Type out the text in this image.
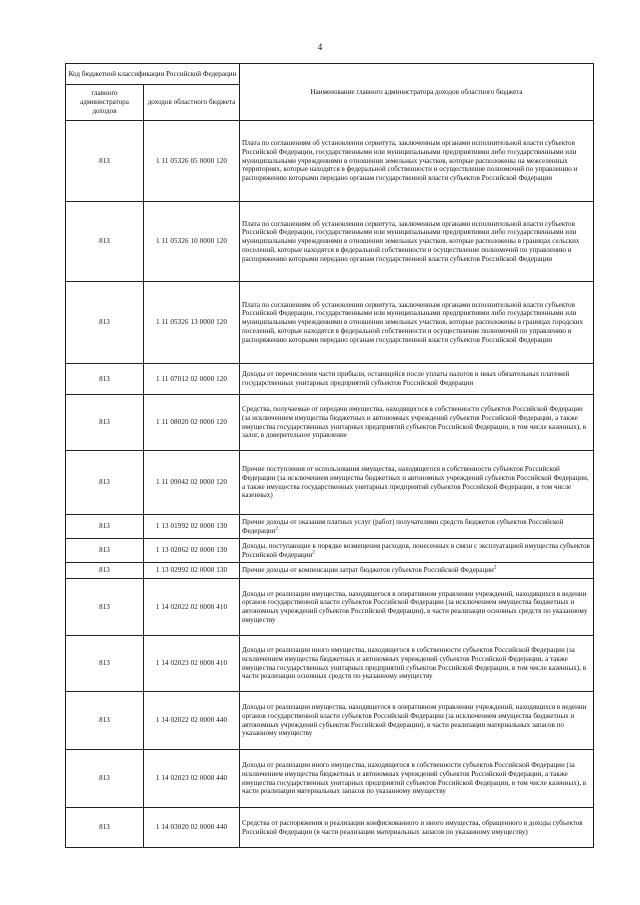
4
Код бюджетной классификации Российской Федерации		Наименование главного администратора доходов областного бюджета
главного администратора доходов	доходов областного бюджета	
813	1 11 05326 05 0000 120	Плата по соглашениям об установлении сервитута, заключенным органами исполнительной власти субъектов Российской Федерации, государственными или муниципальными предприятиями либо государственными или муниципальными учреждениями в отношении земельных участков, которые расположены на межселенных территориях, которые находятся в федеральной собственности и осуществление полномочий по управлению и распоряжению которыми передано органам государственной власти субъектов Российской Федерации
813	1 11 05326 10 0000 120	Плата по соглашениям об установлении сервитута, заключенным органами исполнительной власти субъектов Российской Федерации, государственными или муниципальными предприятиями либо государственными или муниципальными учреждениями в отношении земельных участков, которые расположены в границах сельских поселений, которые находятся в федеральной собственности и осуществление полномочий по управлению и распоряжению которыми передано органам государственной власти субъектов Российской Федерации
813	1 11 05326 13 0000 120	Плата по соглашениям об установлении сервитута, заключенным органами исполнительной власти субъектов Российской Федерации, государственными или муниципальными предприятиями либо государственными или муниципальными учреждениями в отношении земельных участков, которые расположены в границах городских поселений, которые находятся в федеральной собственности и осуществление полномочий по управлению и распоряжению которыми передано органам государственной власти субъектов Российской Федерации
813	1 11 07012 02 0000 120	Доходы от перечисления части прибыли, остающейся после уплаты налогов и иных обязательных платежей государственных унитарных предприятий субъектов Российской Федерации
813	1 11 08020 02 0000 120	Средства, получаемые от передачи имущества, находящегося в собственности субъектов Российской Федерации (за исключением имущества бюджетных и автономных учреждений субъектов Российской Федерации, а также имущества государственных унитарных предприятий субъектов Российской Федерации, в том числе казенных), в залог, в доверительное управление
813	1 11 09042 02 0000 120	Прочие поступления от использования имущества, находящегося в собственности субъектов Российской Федерации (за исключением имущества бюджетных и автономных учреждений субъектов Российской Федерации, а также имущества государственных унитарных предприятий субъектов Российской Федерации, в том числе казенных)
813	1 13 01992 02 0000 130	Прочие доходы от оказания платных услуг (работ) получателями средств бюджетов субъектов Российской Федерации$^2$
813	1 13 02062 02 0000 130	Доходы, поступающие в порядке возмещения расходов, понесенных в связи с эксплуатацией имущества субъектов Российской Федерации$^2$
813	1 13 02992 02 0000 130	Прочие доходы от компенсации затрат бюджетов субъектов Российской Федерации$^2$
813	1 14 02022 02 0000 410	Доходы от реализации имущества, находящегося в оперативном управлении учреждений, находящихся в ведении органов государственной власти субъектов Российской Федерации (за исключением имущества бюджетных и автономных учреждений субъектов Российской Федерации), в части реализации основных средств по указанному имуществу
813	1 14 02023 02 0000 410	Доходы от реализации иного имущества, находящегося в собственности субъектов Российской Федерации (за исключением имущества бюджетных и автономных учреждений субъектов Российской Федерации, а также имущества государственных унитарных предприятий субъектов Российской Федерации, в том числе казенных), в части реализации основных средств по указанному имуществу
813	1 14 02022 02 0000 440	Доходы от реализации имущества, находящегося в оперативном управлении учреждений, находящихся в ведении органов государственной власти субъектов Российской Федерации (за исключением имущества бюджетных и автономных учреждений субъектов Российской Федерации), в части реализации материальных запасов по указанному имуществу
813	1 14 02023 02 0000 440	Доходы от реализации иного имущества, находящегося в собственности субъектов Российской Федерации (за исключением имущества бюджетных и автономных учреждений субъектов Российской Федерации, а также имущества государственных унитарных предприятий субъектов Российской Федерации, в том числе казенных), в части реализации материальных запасов по указанному имуществу
813	1 14 03020 02 0000 440	Средства от распоряжения и реализации конфискованного и иного имущества, обращенного в доходы субъектов Российской Федерации (в части реализации материальных запасов по указанному имуществу)
